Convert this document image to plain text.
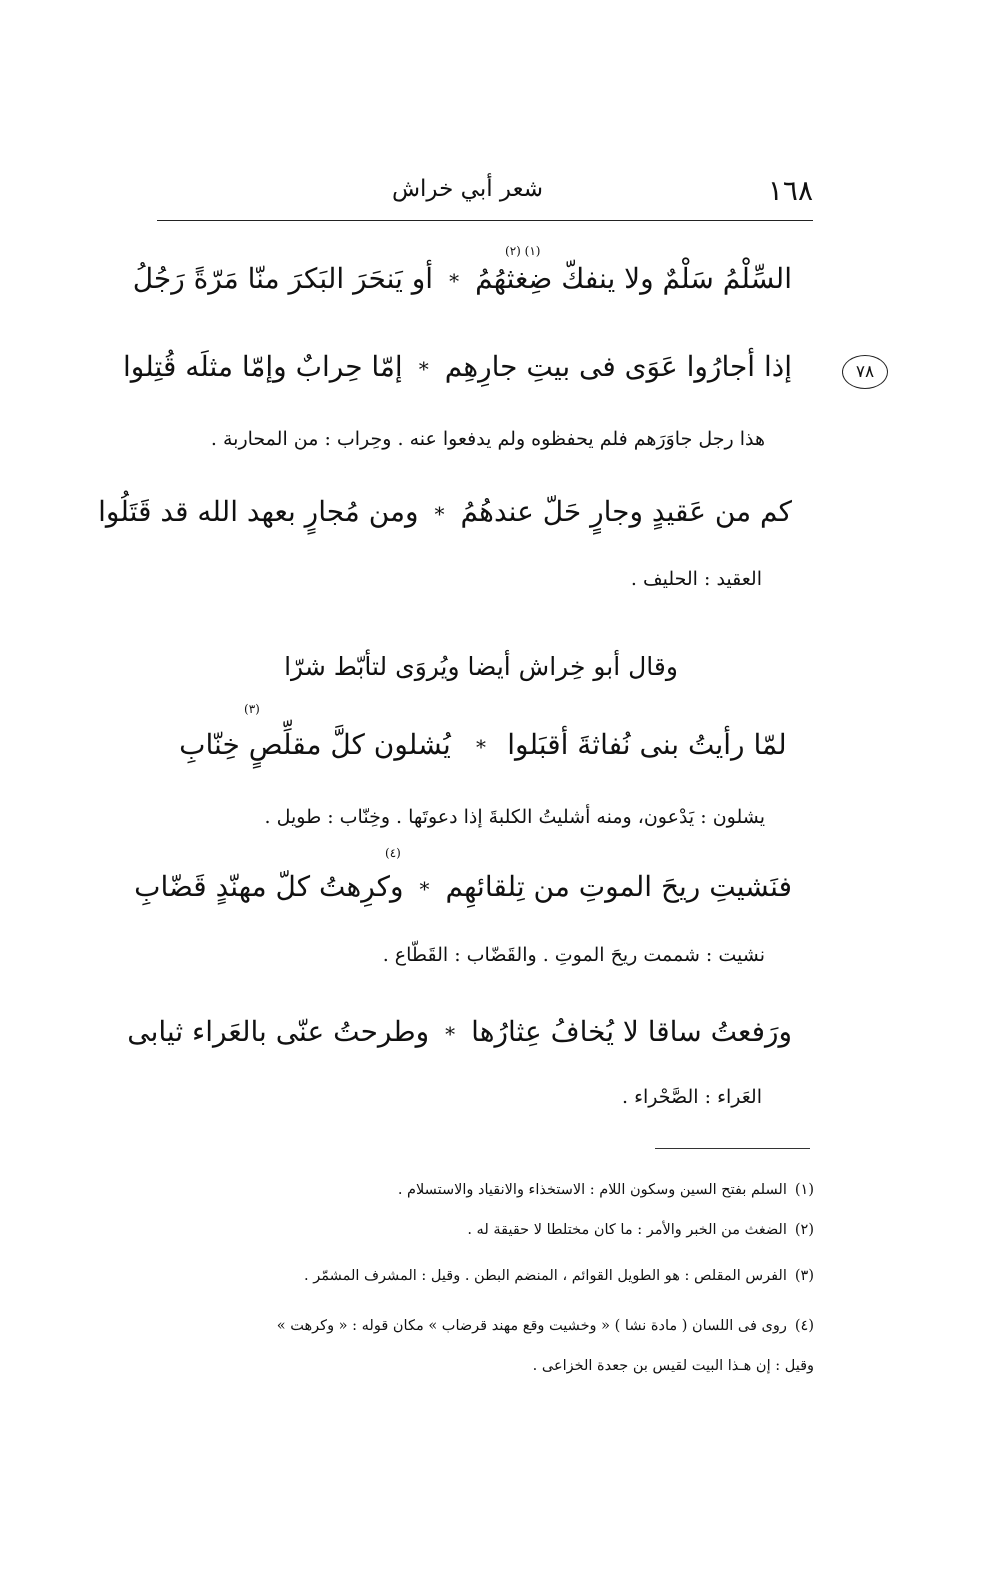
١٦٨
شعر أبي خراش
٧٨
السِّلْمُ سَلْمٌ ولا ينفكّ ضِغثهُمُ
*
أو يَنحَرَ البَكرَ منّا مَرّةً رَجُلُ
(١) (٢)
إذا أجارُوا عَوَى فى بيتِ جارِهِم
*
إمّا حِرابٌ وإمّا مثلَه قُتِلوا
هذا رجل جاوَرَهم فلم يحفظوه ولم يدفعوا عنه . وحِراب : من المحاربة .
كم من عَقيدٍ وجارٍ حَلّ عندهُمُ
*
ومن مُجارٍ بعهد الله قد قَتَلُوا
العقيد : الحليف .
وقال أبو خِراش أيضا ويُروَى لتأبّط شرّا
لمّا رأيتُ بنى نُفاثةَ أقبَلوا
*
يُشلون كلَّ مقلِّصٍ خِنّابِ
(٣)
يشلون : يَدْعون، ومنه أشليتُ الكلبةَ إذا دعوتَها . وخِنّاب : طويل .
فنَشيتِ ريحَ الموتِ من تِلقائهِم
*
وكرِهتُ كلّ مهنّدٍ قَضّابِ
(٤)
نشيت : شممت ريحَ الموتِ . والقَضّاب : القَطّاع .
ورَفعتُ ساقا لا يُخافُ عِثارُها
*
وطرحتُ عنّى بالعَراء ثيابى
العَراء : الصَّحْراء .
(١)السلم بفتح السين وسكون اللام : الاستخذاء والانقياد والاستسلام .
(٢)الضغث من الخبر والأمر : ما كان مختلطا لا حقيقة له .
(٣)الفرس المقلص : هو الطويل القوائم ، المنضم البطن . وقيل : المشرف المشمّر .
(٤)روى فى اللسان ( مادة نشا ) « وخشيت وقع مهند قرضاب » مكان قوله : « وكرهت »
وقيل : إن هـذا البيت لقيس بن جعدة الخزاعى .
